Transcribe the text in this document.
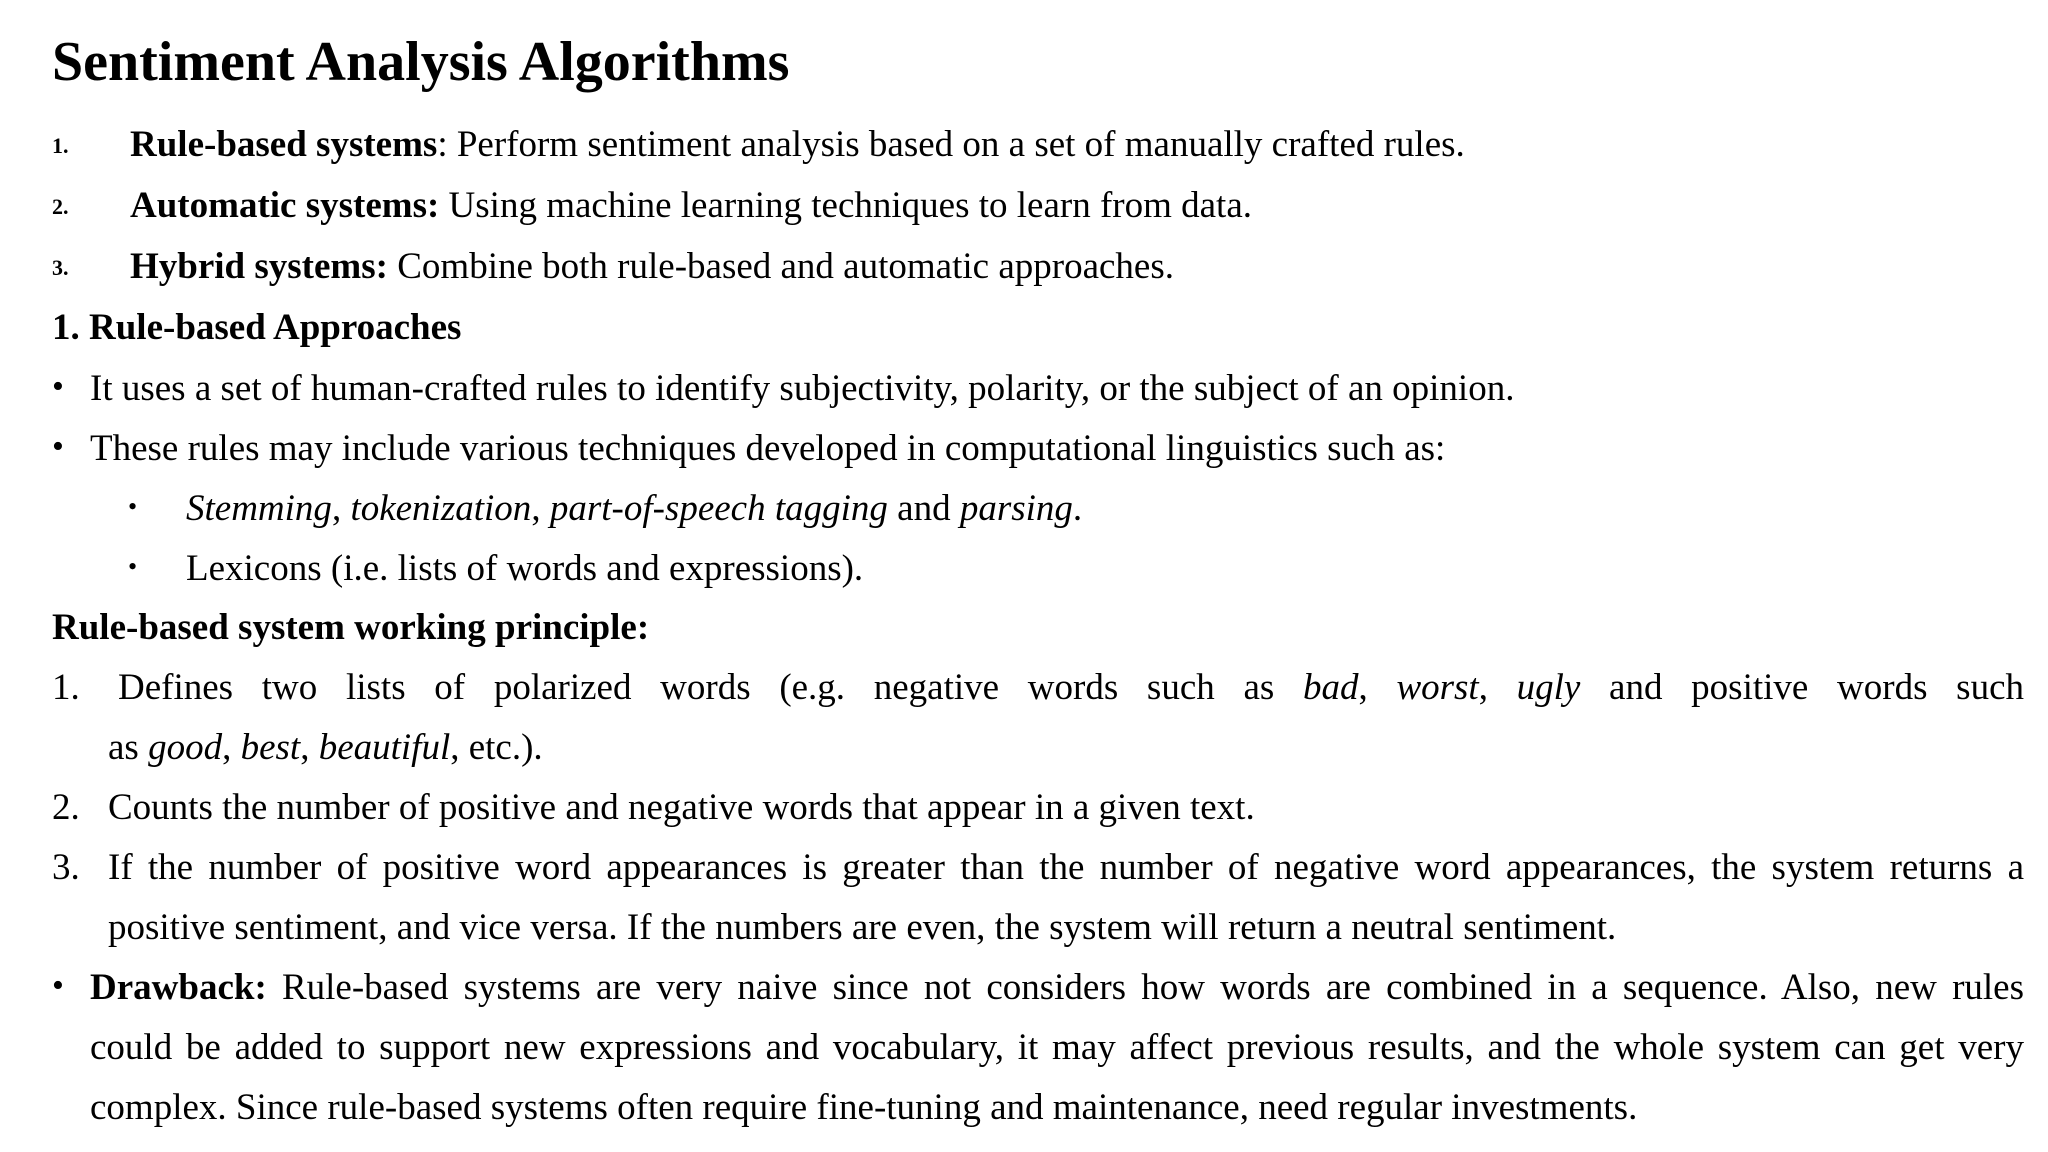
Sentiment Analysis Algorithms
1. Rule-based systems: Perform sentiment analysis based on a set of manually crafted rules.
2. Automatic systems: Using machine learning techniques to learn from data.
3. Hybrid systems: Combine both rule-based and automatic approaches.
1. Rule-based Approaches
• It uses a set of human-crafted rules to identify subjectivity, polarity, or the subject of an opinion.
• These rules may include various techniques developed in computational linguistics such as:
• Stemming, tokenization, part-of-speech tagging and parsing.
• Lexicons (i.e. lists of words and expressions).
Rule-based system working principle:
1. Defines two lists of polarized words (e.g. negative words such as bad, worst, ugly and positive words such
as good, best, beautiful, etc.).
2. Counts the number of positive and negative words that appear in a given text.
3. If the number of positive word appearances is greater than the number of negative word appearances, the system returns a
positive sentiment, and vice versa. If the numbers are even, the system will return a neutral sentiment.
• Drawback: Rule-based systems are very naive since not considers how words are combined in a sequence. Also, new rules
could be added to support new expressions and vocabulary, it may affect previous results, and the whole system can get very
complex. Since rule-based systems often require fine-tuning and maintenance, need regular investments.
